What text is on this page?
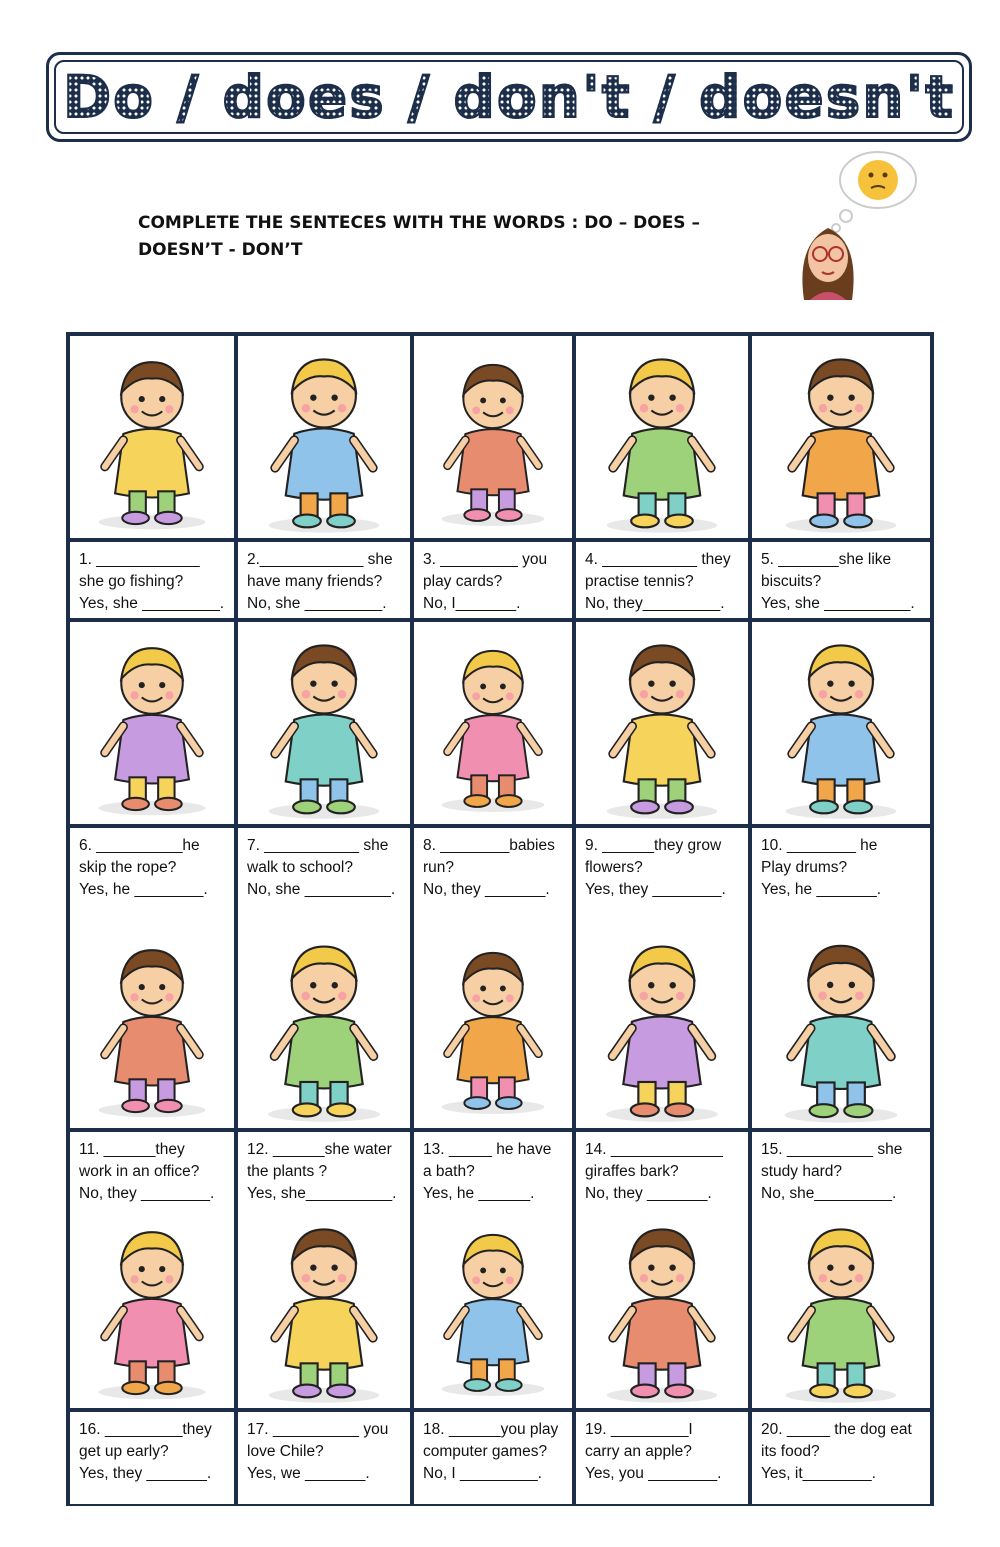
Do / does / don't / doesn't
COMPLETE THE SENTECES WITH THE WORDS : DO – DOES – DOESN’T - DON’T
1. ____________
she go fishing?
Yes, she _________.
2.____________ she
have many friends?
No, she _________.
3. _________ you
play cards?
No, I_______.
4. ___________ they
practise tennis?
No, they_________.
5. _______she like
biscuits?
Yes, she __________.
6. __________he
skip the rope?
Yes, he ________.
7. ___________ she
walk to school?
No, she __________.
8. ________babies
run?
No, they _______.
9. ______they grow
flowers?
Yes, they ________.
10. ________ he
Play drums?
Yes, he _______.
11. ______they
work in an office?
No, they ________.
12. ______she water
the plants ?
Yes, she__________.
13. _____ he have
a bath?
Yes, he ______.
14. _____________
giraffes bark?
No, they _______.
15. __________ she
study hard?
No, she_________.
16. _________they
get up early?
Yes, they _______.
17. __________ you
love Chile?
Yes, we _______.
18. ______you play
computer games?
No, I _________.
19. _________I
carry an apple?
Yes, you ________.
20. _____ the dog eat
its food?
Yes, it________.
